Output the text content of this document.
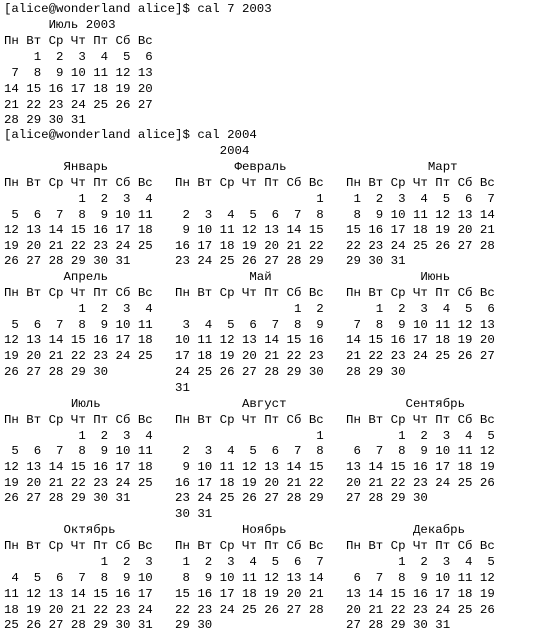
[alice@wonderland alice]$ cal 7 2003
Июль 2003
Пн Вт Ср Чт Пт Сб Вс
1  2  3  4  5  6
7  8  9 10 11 12 13
14 15 16 17 18 19 20
21 22 23 24 25 26 27
28 29 30 31
[alice@wonderland alice]$ cal 2004
2004
Январь                 Февраль                   Март
Пн Вт Ср Чт Пт Сб Вс   Пн Вт Ср Чт Пт Сб Вс   Пн Вт Ср Чт Пт Сб Вс
1  2  3  4                      1    1  2  3  4  5  6  7
5  6  7  8  9 10 11    2  3  4  5  6  7  8    8  9 10 11 12 13 14
12 13 14 15 16 17 18    9 10 11 12 13 14 15   15 16 17 18 19 20 21
19 20 21 22 23 24 25   16 17 18 19 20 21 22   22 23 24 25 26 27 28
26 27 28 29 30 31      23 24 25 26 27 28 29   29 30 31
Апрель                   Май                    Июнь
Пн Вт Ср Чт Пт Сб Вс   Пн Вт Ср Чт Пт Сб Вс   Пн Вт Ср Чт Пт Сб Вс
1  2  3  4                   1  2       1  2  3  4  5  6
5  6  7  8  9 10 11    3  4  5  6  7  8  9    7  8  9 10 11 12 13
12 13 14 15 16 17 18   10 11 12 13 14 15 16   14 15 16 17 18 19 20
19 20 21 22 23 24 25   17 18 19 20 21 22 23   21 22 23 24 25 26 27
26 27 28 29 30         24 25 26 27 28 29 30   28 29 30
31
Июль                   Август                Сентябрь
Пн Вт Ср Чт Пт Сб Вс   Пн Вт Ср Чт Пт Сб Вс   Пн Вт Ср Чт Пт Сб Вс
1  2  3  4                      1          1  2  3  4  5
5  6  7  8  9 10 11    2  3  4  5  6  7  8    6  7  8  9 10 11 12
12 13 14 15 16 17 18    9 10 11 12 13 14 15   13 14 15 16 17 18 19
19 20 21 22 23 24 25   16 17 18 19 20 21 22   20 21 22 23 24 25 26
26 27 28 29 30 31      23 24 25 26 27 28 29   27 28 29 30
30 31
Октябрь                 Ноябрь                 Декабрь
Пн Вт Ср Чт Пт Сб Вс   Пн Вт Ср Чт Пт Сб Вс   Пн Вт Ср Чт Пт Сб Вс
1  2  3    1  2  3  4  5  6  7          1  2  3  4  5
4  5  6  7  8  9 10    8  9 10 11 12 13 14    6  7  8  9 10 11 12
11 12 13 14 15 16 17   15 16 17 18 19 20 21   13 14 15 16 17 18 19
18 19 20 21 22 23 24   22 23 24 25 26 27 28   20 21 22 23 24 25 26
25 26 27 28 29 30 31   29 30                  27 28 29 30 31
